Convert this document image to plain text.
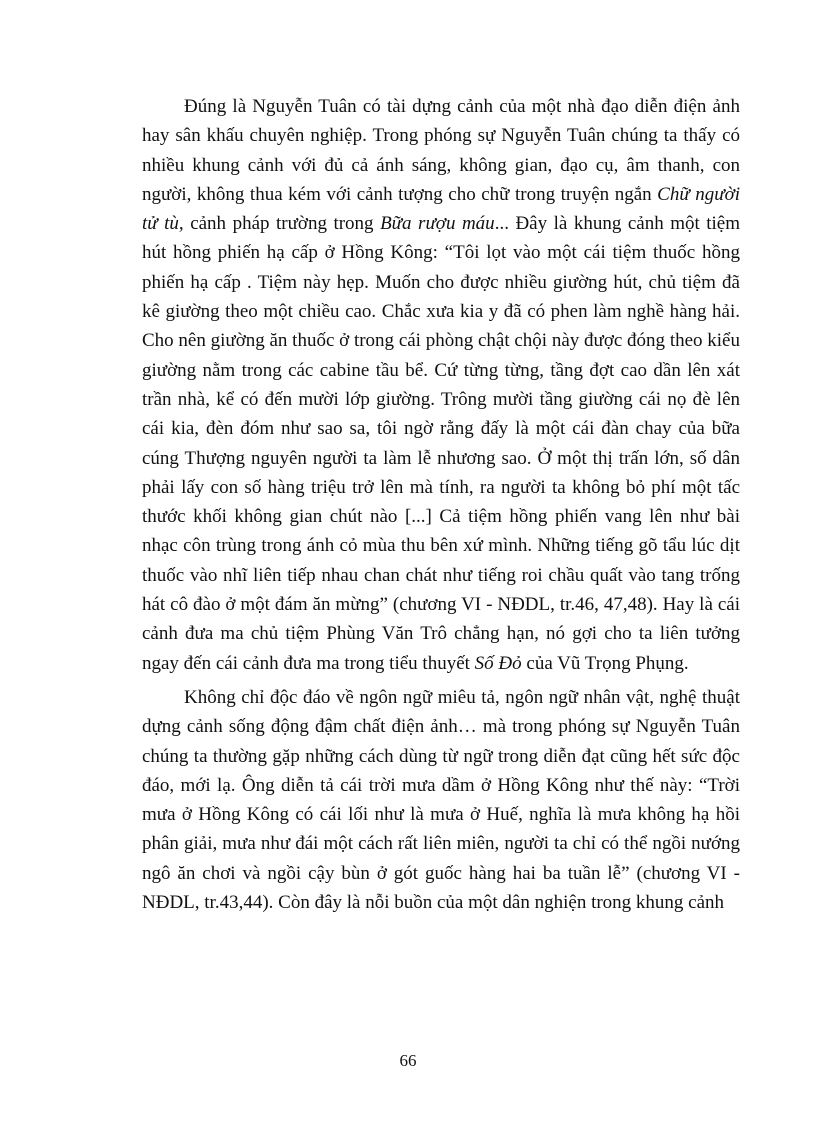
Đúng là Nguyễn Tuân có tài dựng cảnh của một nhà đạo diễn điện ảnh hay sân khấu chuyên nghiệp. Trong phóng sự Nguyễn Tuân chúng ta thấy có nhiều khung cảnh với đủ cả ánh sáng, không gian, đạo cụ, âm thanh, con người, không thua kém với cảnh tượng cho chữ trong truyện ngắn Chữ người tử tù, cảnh pháp trường trong Bữa rượu máu... Đây là khung cảnh một tiệm hút hồng phiến hạ cấp ở Hồng Kông: “Tôi lọt vào một cái tiệm thuốc hồng phiến hạ cấp . Tiệm này hẹp. Muốn cho được nhiều giường hút, chủ tiệm đã kê giường theo một chiều cao. Chắc xưa kia y đã có phen làm nghề hàng hải. Cho nên giường ăn thuốc ở trong cái phòng chật chội này được đóng theo kiểu giường nằm trong các cabine tầu bể. Cứ từng từng, tầng đợt cao dần lên xát trần nhà, kể có đến mười lớp giường. Trông mười tầng giường cái nọ đè lên cái kia, đèn đóm như sao sa, tôi ngờ rằng đấy là một cái đàn chay của bữa cúng Thượng nguyên người ta làm lễ nhương sao. Ở một thị trấn lớn, số dân phải lấy con số hàng triệu trở lên mà tính, ra người ta không bỏ phí một tấc thước khối không gian chút nào [...] Cả tiệm hồng phiến vang lên như bài nhạc côn trùng trong ánh cỏ mùa thu bên xứ mình. Những tiếng gõ tẩu lúc dịt thuốc vào nhĩ liên tiếp nhau chan chát như tiếng roi chầu quất vào tang trống hát cô đào ở một đám ăn mừng” (chương VI - NĐDL, tr.46, 47,48). Hay là cái cảnh đưa ma chủ tiệm Phùng Văn Trô chẳng hạn, nó gợi cho ta liên tưởng ngay đến cái cảnh đưa ma trong tiểu thuyết Số Đỏ của Vũ Trọng Phụng.

Không chỉ độc đáo về ngôn ngữ miêu tả, ngôn ngữ nhân vật, nghệ thuật dựng cảnh sống động đậm chất điện ảnh… mà trong phóng sự Nguyễn Tuân chúng ta thường gặp những cách dùng từ ngữ trong diễn đạt cũng hết sức độc đáo, mới lạ. Ông diễn tả cái trời mưa dầm ở Hồng Kông như thế này: “Trời mưa ở Hồng Kông có cái lối như là mưa ở Huế, nghĩa là mưa không hạ hồi phân giải, mưa như đái một cách rất liên miên, người ta chỉ có thể ngồi nướng ngô ăn chơi và ngồi cậy bùn ở gót guốc hàng hai ba tuần lễ” (chương VI - NĐDL, tr.43,44). Còn đây là nỗi buồn của một dân nghiện trong khung cảnh

66
